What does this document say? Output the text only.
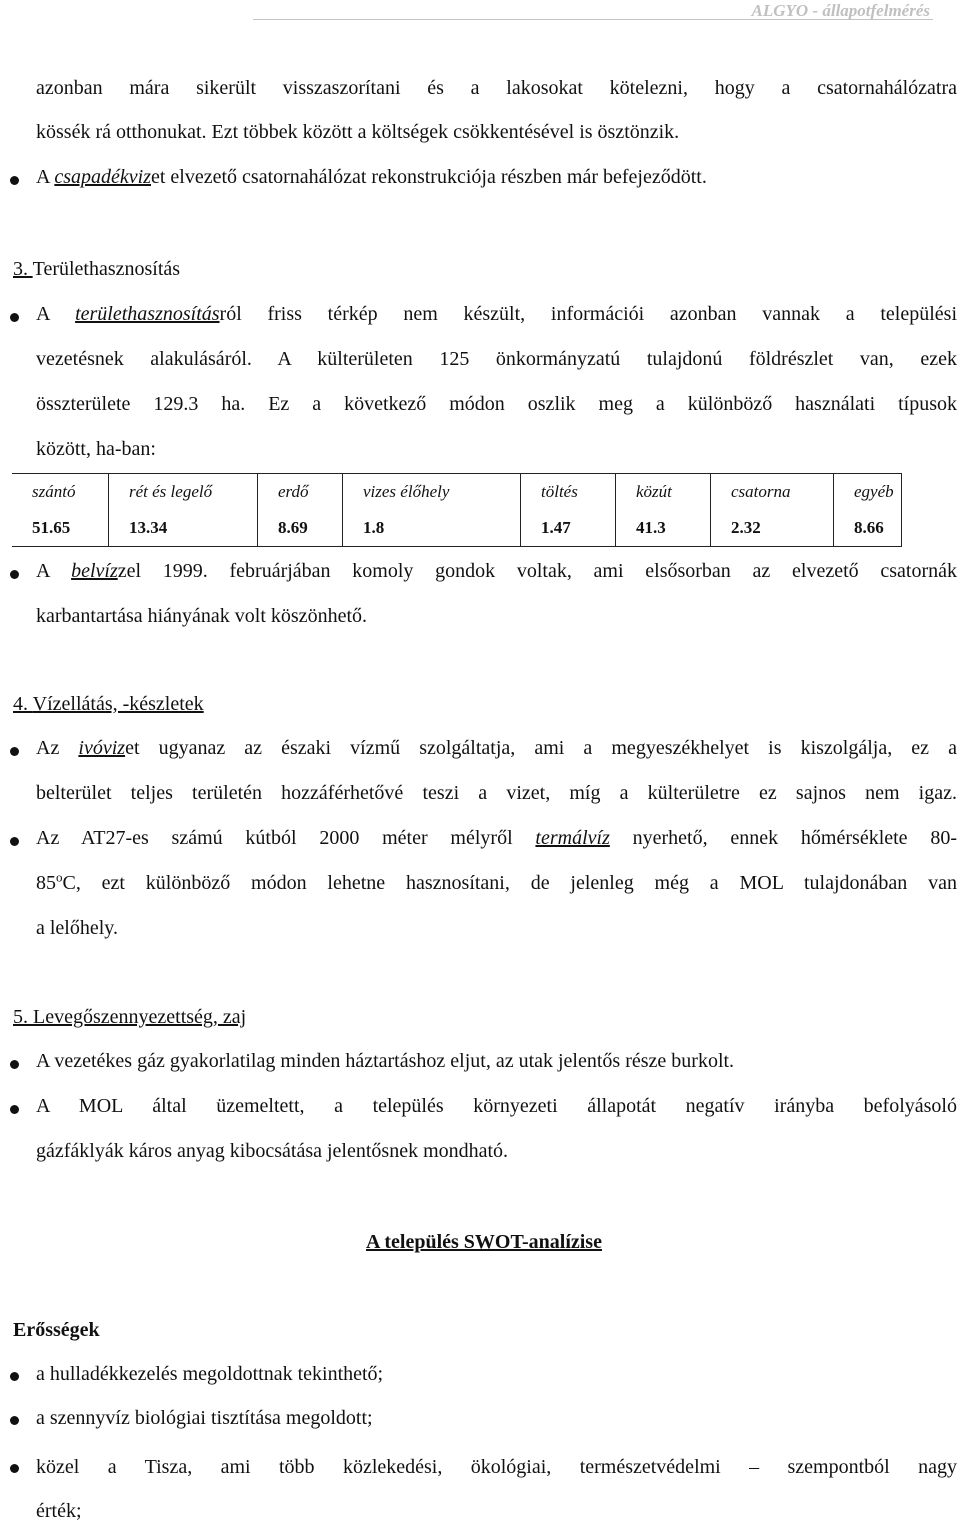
ALGYO - állapotfelmérés
azonban mára sikerült visszaszorítani és a lakosokat kötelezni, hogy a csatornahálózatra
kössék rá otthonukat. Ezt többek között a költségek csökkentésével is ösztönzik.
A csapadékvizet elvezető csatornahálózat rekonstrukciója részben már befejeződött.
3. Területhasznosítás
A területhasznosításról friss térkép nem készült, információi azonban vannak a települési
vezetésnek alakulásáról. A külterületen 125 önkormányzatú tulajdonú földrészlet van, ezek
összterülete 129.3 ha. Ez a következő módon oszlik meg a különböző használati típusok
között, ha-ban:
szántó	rét és legelő	erdő	vizes élőhely	töltés	közút	csatorna	egyéb
51.65	13.34	8.69	1.8	1.47	41.3	2.32	8.66
A belvízzel 1999. februárjában komoly gondok voltak, ami elsősorban az elvezető csatornák
karbantartása hiányának volt köszönhető.
4. Vízellátás, -készletek
Az ivóvizet ugyanaz az északi vízmű szolgáltatja, ami a megyeszékhelyet is kiszolgálja, ez a
belterület teljes területén hozzáférhetővé teszi a vizet, míg a külterületre ez sajnos nem igaz.
Az AT27-es számú kútból 2000 méter mélyről termálvíz nyerhető, ennek hőmérséklete 80-
85$^o$C, ezt különböző módon lehetne hasznosítani, de jelenleg még a MOL tulajdonában van
a lelőhely.
5. Levegőszennyezettség, zaj
A vezetékes gáz gyakorlatilag minden háztartáshoz eljut, az utak jelentős része burkolt.
A MOL által üzemeltett, a település környezeti állapotát negatív irányba befolyásoló
gázfáklyák káros anyag kibocsátása jelentősnek mondható.
A település SWOT-analízise
Erősségek
a hulladékkezelés megoldottnak tekinthető;
a szennyvíz biológiai tisztítása megoldott;
közel a Tisza, ami több közlekedési, ökológiai, természetvédelmi – szempontból nagy
érték;
